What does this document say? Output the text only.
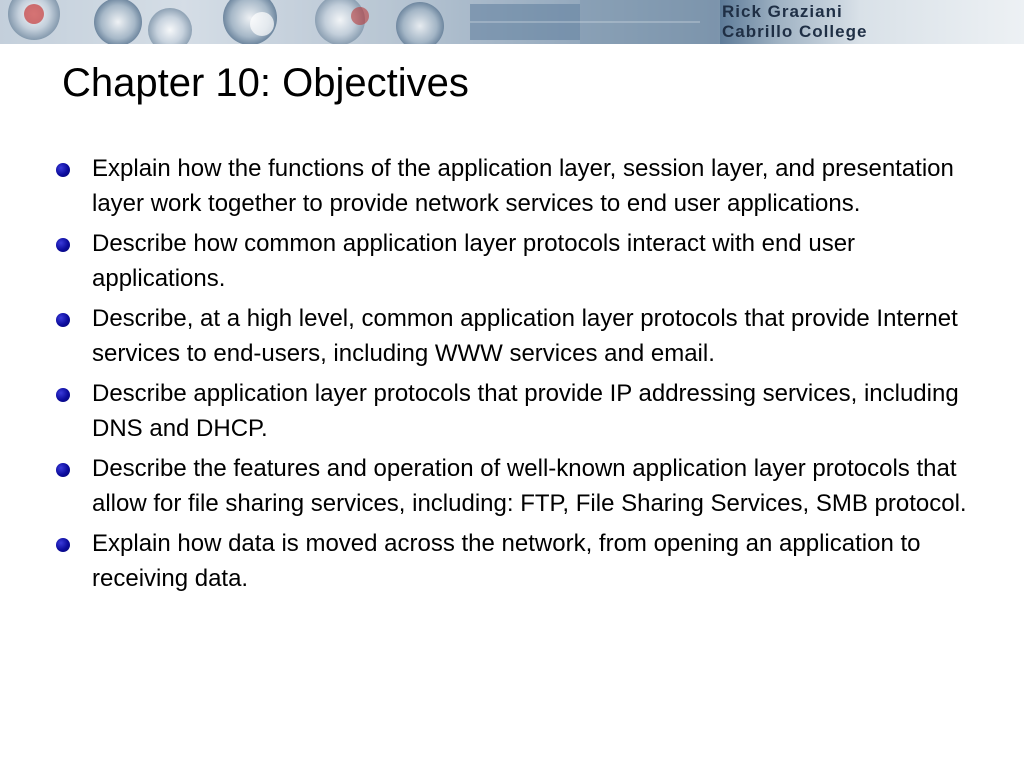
Rick Graziani
Cabrillo College
Chapter 10: Objectives
Explain how the functions of the application layer, session layer, and presentation layer work together to provide network services to end user applications.
Describe how common application layer protocols interact with end user applications.
Describe, at a high level, common application layer protocols that provide Internet services to end-users, including WWW services and email.
Describe application layer protocols that provide IP addressing services, including DNS and DHCP.
Describe the features and operation of well-known application layer protocols that allow for file sharing services, including: FTP, File Sharing Services, SMB protocol.
Explain how data is moved across the network, from opening an application to receiving data.
